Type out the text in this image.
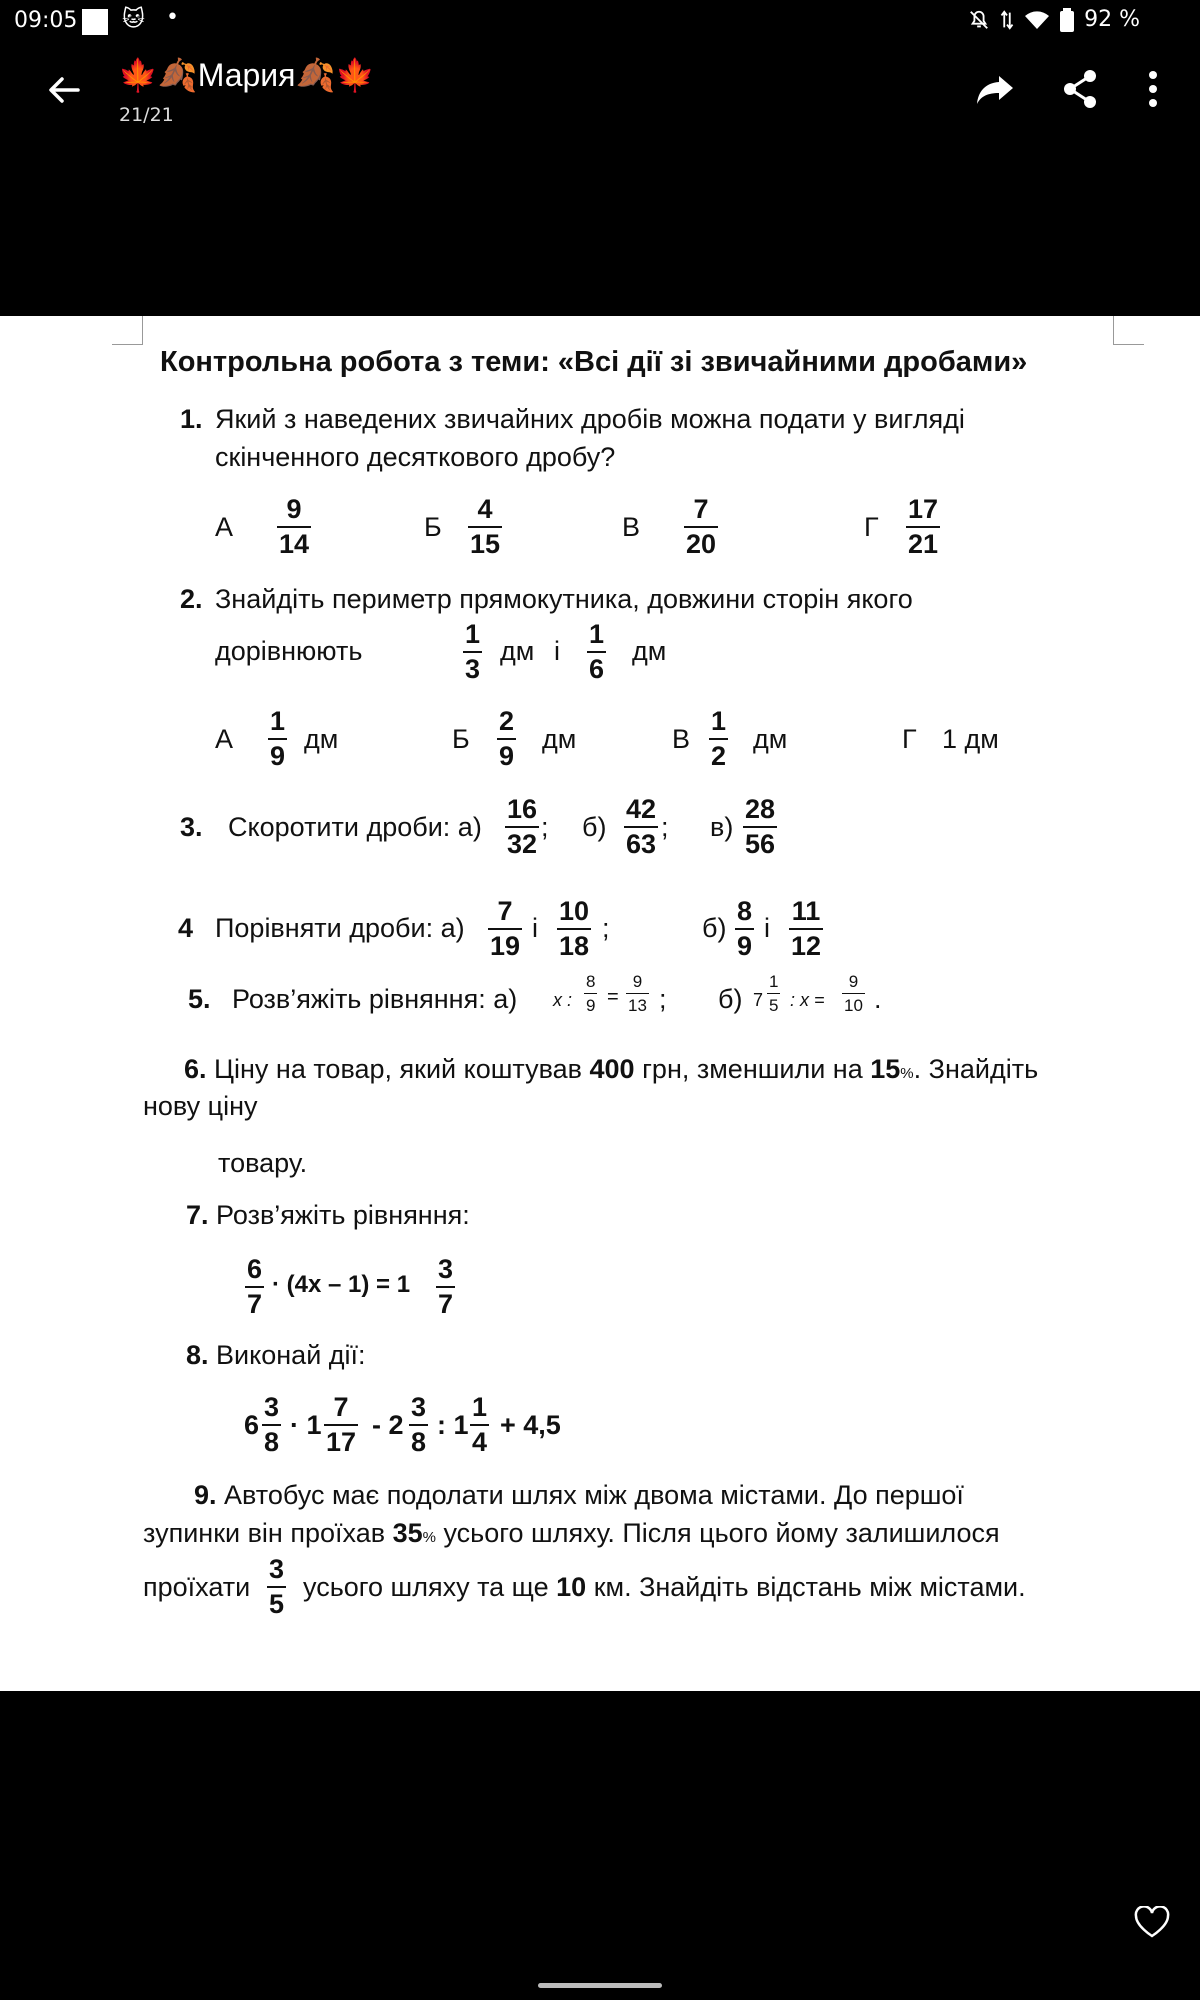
09:05 🐱 •	92 %
🍁🍂Мария🍂🍁
21/21
Контрольна робота з теми: «Всі дії зі звичайними дробами»
1. Який з наведених звичайних дробів можна подати у вигляді
скінченного десяткового дробу?
А $\frac{9}{14}$	Б $\frac{4}{15}$	В $\frac{7}{20}$	Г $\frac{17}{21}$
2. Знайдіть периметр прямокутника, довжини сторін якого
дорівнюють	$\frac{1}{3}$ дм і $\frac{1}{6}$ дм
А $\frac{1}{9}$ дм	Б $\frac{2}{9}$ дм	В $\frac{1}{2}$ дм	Г 1 дм
3. Скоротити дроби: $а) \frac{16}{32}$ ; $б) \frac{42}{63}$ ; $в) \frac{28}{56}$
4 Порівняти дроби: $а) \frac{7}{19}$ і $\frac{10}{18}$ ;	$б) \frac{8}{9}$ і $\frac{11}{12}$
5. Розв’яжіть рівняння: а) x : $\frac{8}{9} = \frac{9}{13}$ ; б) $7 \frac{1}{5}$ : $x = \frac{9}{10}$ .
6. Ціну на товар, який коштував 400 грн, зменшили на 15%. Знайдіть
нову ціну
товару.
7. Розв’яжіть рівняння:
$\frac{6}{7} \cdot (4x - 1) = 1 \frac{3}{7}$
8. Виконай дії:
$6 \frac{3}{8} \cdot 1 \frac{7}{17} - 2 \frac{3}{8}$ : $1 \frac{1}{4} + 4,5$
9. Автобус має подолати шлях між двома містами. До першої
зупинки він проїхав 35% усього шляху. Після цього йому залишилося
проїхати $\frac{3}{5}$ усього шляху та ще 10 км. Знайдіть відстань між містами.
